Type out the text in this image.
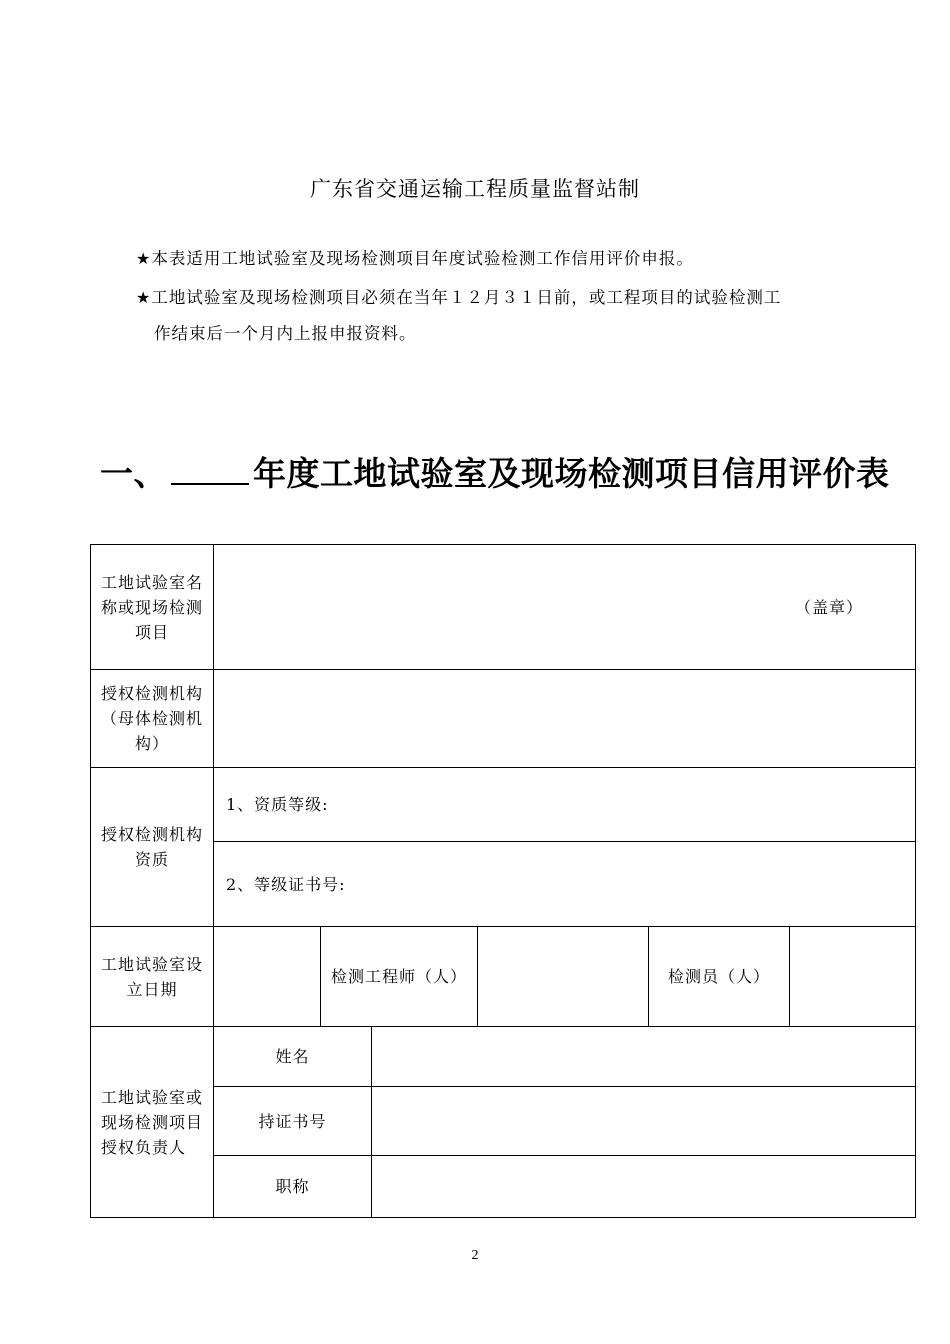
广东省交通运输工程质量监督站制
★本表适用工地试验室及现场检测项目年度试验检测工作信用评价申报。
★工地试验室及现场检测项目必须在当年１２月３１日前，或工程项目的试验检测工
作结束后一个月内上报申报资料。
一、	年度工地试验室及现场检测项目信用评价表
工地试验室名称或现场检测项目	（盖章）					
授权检测机构（母体检测机构）						
授权检测机构资质	1、资质等级:					
	2、等级证书号:					
工地试验室设立日期		检测工程师（人）			检测员（人）	
工地试验室或现场检测项目授权负责人	姓名					
	持证书号					
	职称					
2
